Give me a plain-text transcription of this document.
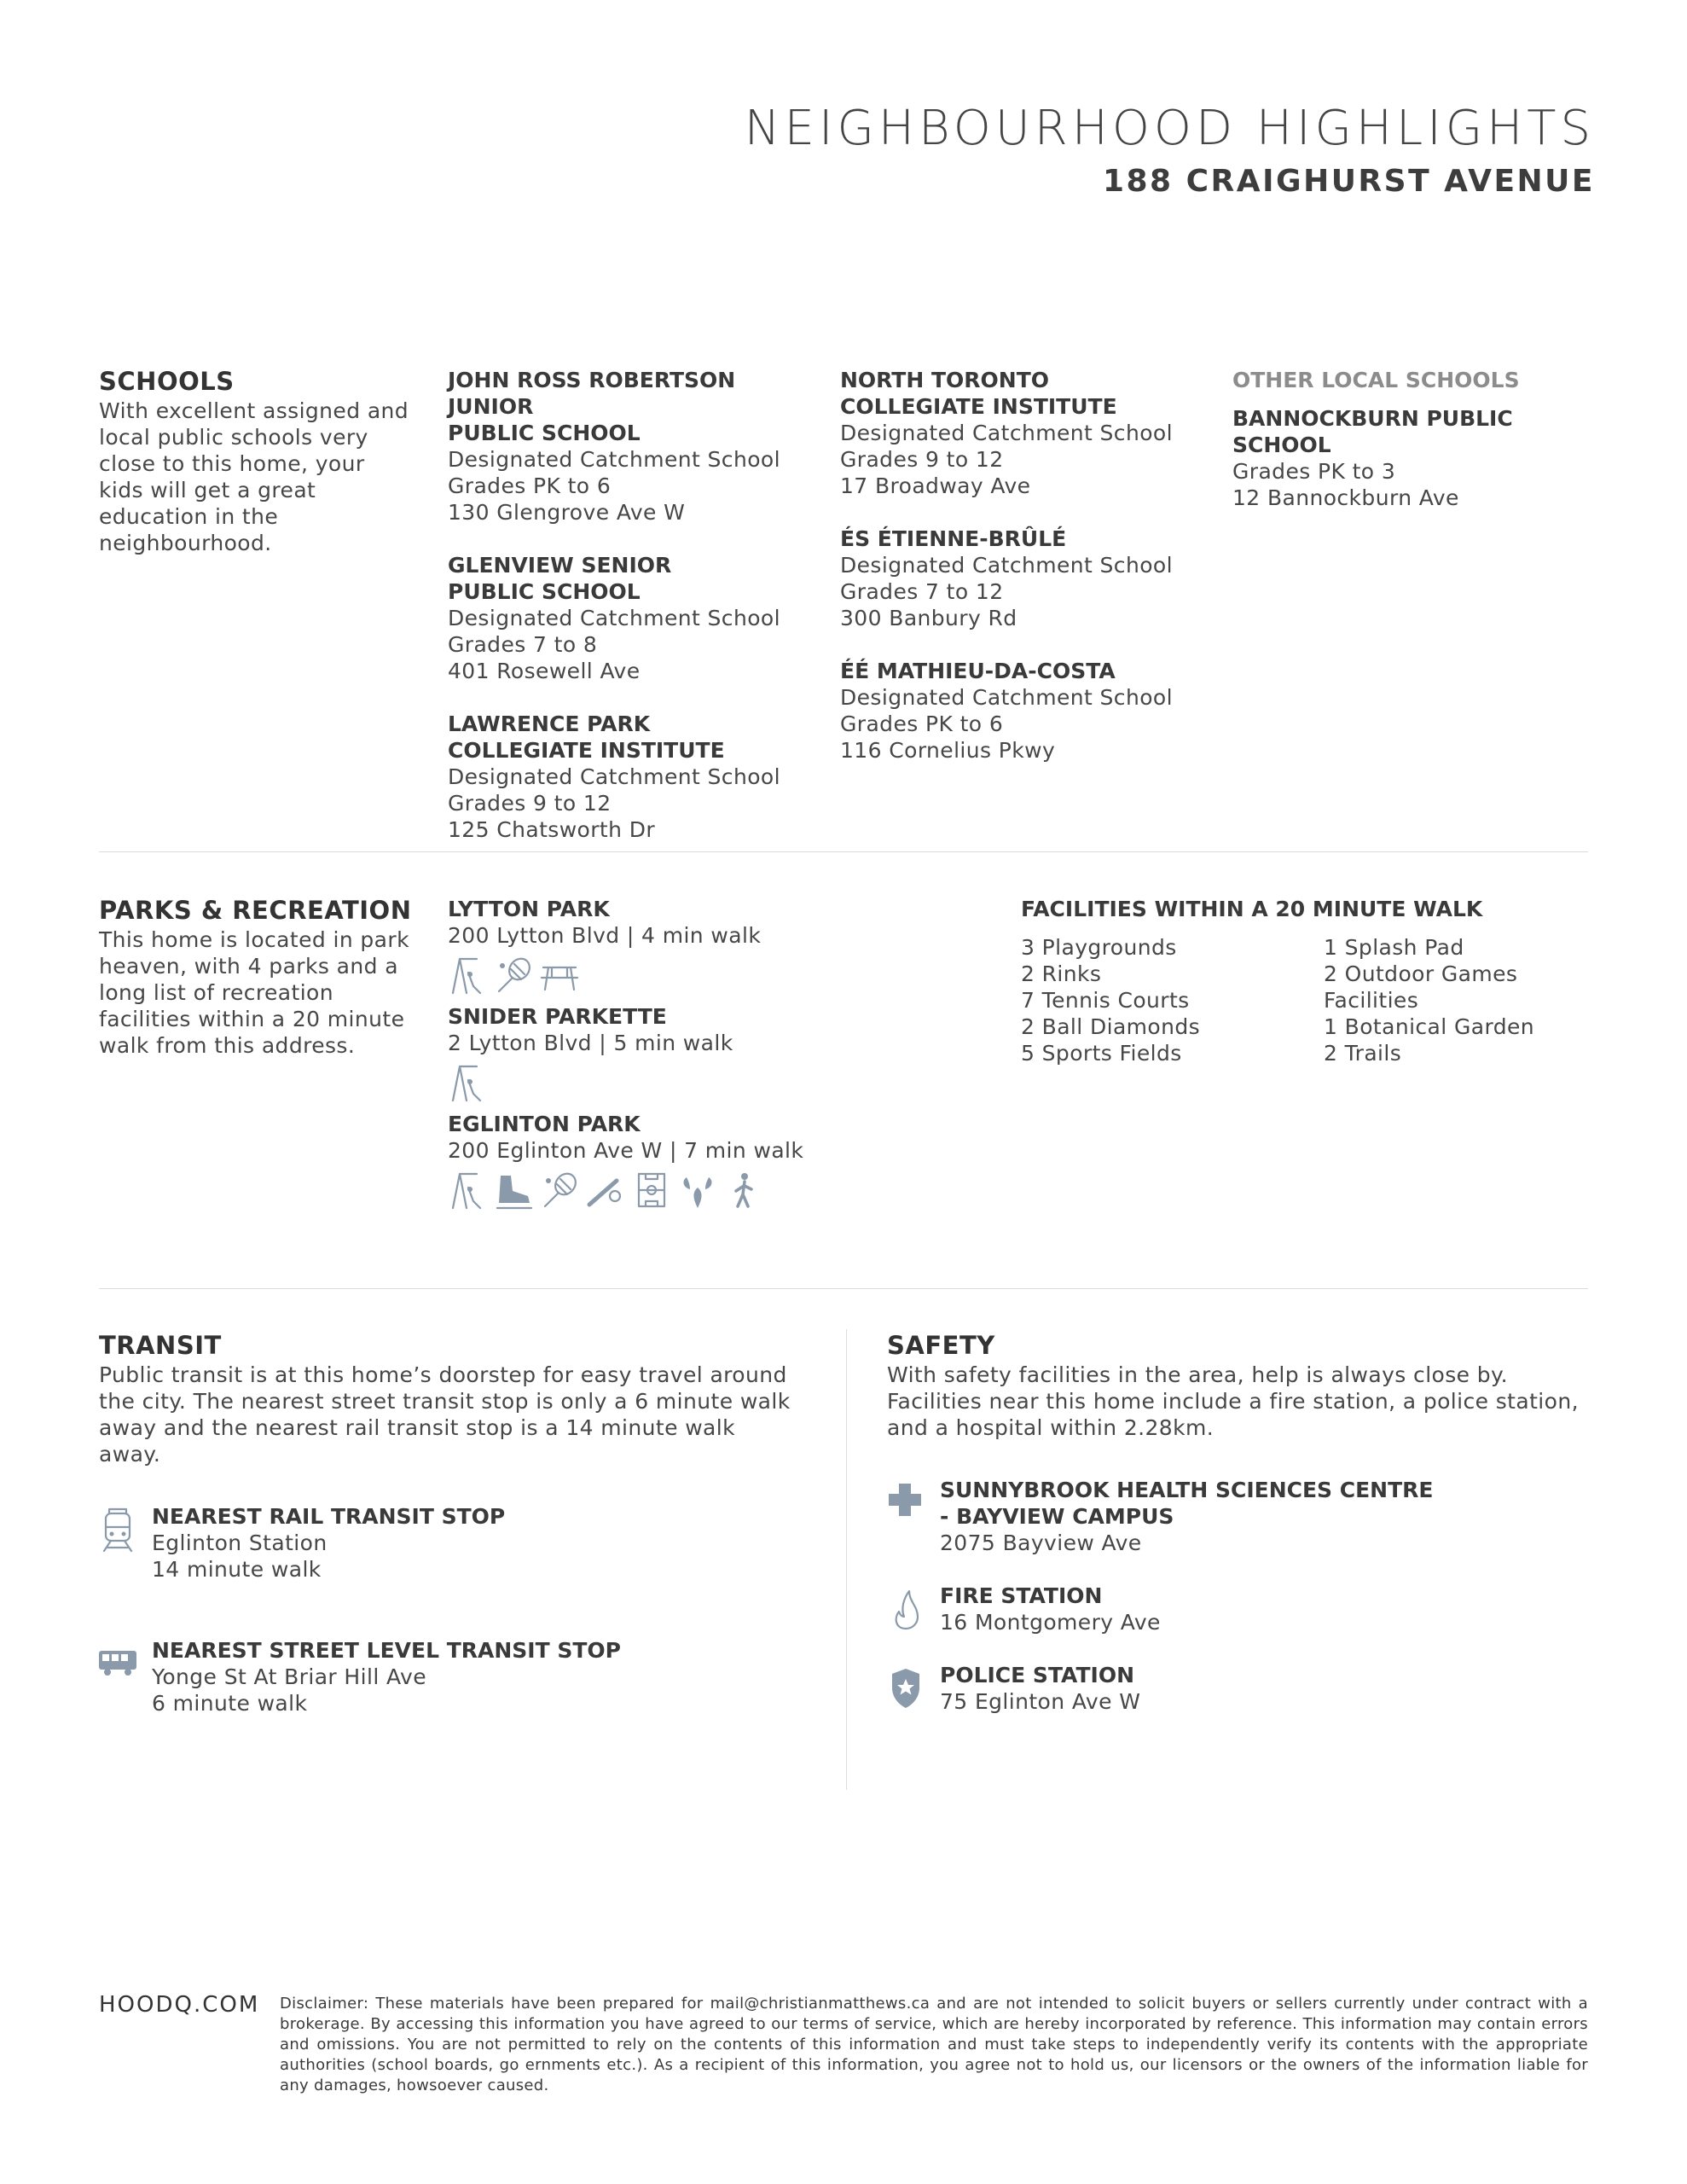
NEIGHBOURHOOD HIGHLIGHTS
188 CRAIGHURST AVENUE
SCHOOLS
With excellent assigned and local public schools very close to this home, your kids will get a great education in the neighbourhood.
JOHN ROSS ROBERTSON JUNIOR
PUBLIC SCHOOL
Designated Catchment School
Grades PK to 6
130 Glengrove Ave W
GLENVIEW SENIOR
PUBLIC SCHOOL
Designated Catchment School
Grades 7 to 8
401 Rosewell Ave
LAWRENCE PARK
COLLEGIATE INSTITUTE
Designated Catchment School
Grades 9 to 12
125 Chatsworth Dr
NORTH TORONTO
COLLEGIATE INSTITUTE
Designated Catchment School
Grades 9 to 12
17 Broadway Ave
ÉS ÉTIENNE-BRÛLÉ
Designated Catchment School
Grades 7 to 12
300 Banbury Rd
ÉÉ MATHIEU-DA-COSTA
Designated Catchment School
Grades PK to 6
116 Cornelius Pkwy
OTHER LOCAL SCHOOLS
BANNOCKBURN PUBLIC SCHOOL
Grades PK to 3
12 Bannockburn Ave
PARKS & RECREATION
This home is located in park heaven, with 4 parks and a long list of recreation facilities within a 20 minute walk from this address.
LYTTON PARK
200 Lytton Blvd | 4 min walk
SNIDER PARKETTE
2 Lytton Blvd | 5 min walk
EGLINTON PARK
200 Eglinton Ave W | 7 min walk
FACILITIES WITHIN A 20 MINUTE WALK
3 Playgrounds
2 Rinks
7 Tennis Courts
2 Ball Diamonds
5 Sports Fields
1 Splash Pad
2 Outdoor Games
Facilities
1 Botanical Garden
2 Trails
TRANSIT
Public transit is at this home’s doorstep for easy travel around the city. The nearest street transit stop is only a 6 minute walk away and the nearest rail transit stop is a 14 minute walk away.
NEAREST RAIL TRANSIT STOP
Eglinton Station
14 minute walk
NEAREST STREET LEVEL TRANSIT STOP
Yonge St At Briar Hill Ave
6 minute walk
SAFETY
With safety facilities in the area, help is always close by. Facilities near this home include a fire station, a police station, and a hospital within 2.28km.
SUNNYBROOK HEALTH SCIENCES CENTRE
- BAYVIEW CAMPUS
2075 Bayview Ave
FIRE STATION
16 Montgomery Ave
POLICE STATION
75 Eglinton Ave W
HOODQ.COM Disclaimer: These materials have been prepared for mail@christianmatthews.ca and are not intended to solicit buyers or sellers currently under contract with a brokerage. By accessing this information you have agreed to our terms of service, which are hereby incorporated by reference. This information may contain errors and omissions. You are not permitted to rely on the contents of this information and must take steps to independently verify its contents with the appropriate authorities (school boards, go ernments etc.). As a recipient of this information, you agree not to hold us, our licensors or the owners of the information liable for any damages, howsoever caused.
